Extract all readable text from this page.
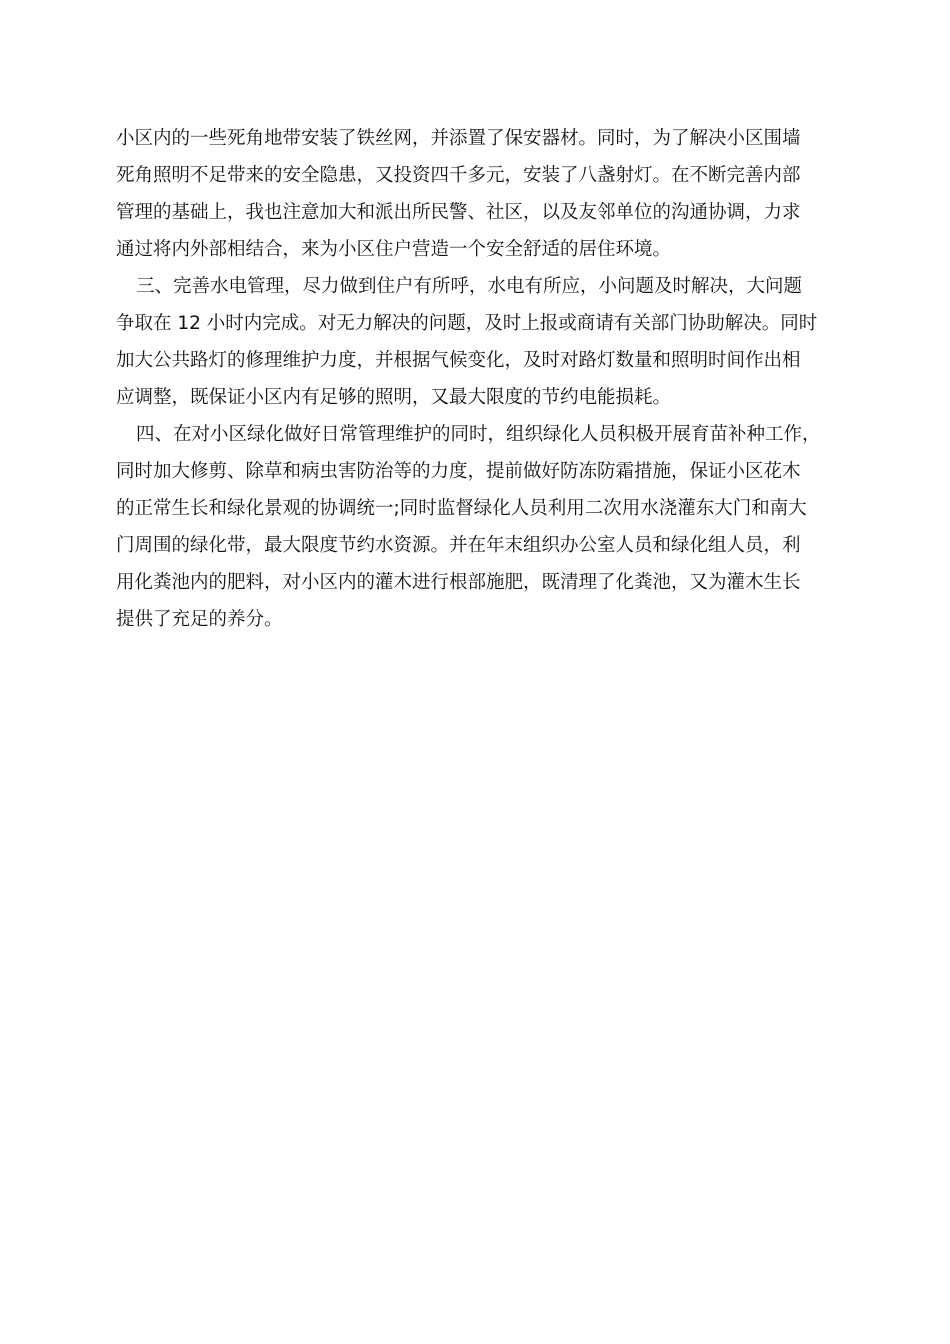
小区内的一些死角地带安装了铁丝网，并添置了保安器材。同时，为了解决小区围墙
死角照明不足带来的安全隐患，又投资四千多元，安装了八盏射灯。在不断完善内部
管理的基础上，我也注意加大和派出所民警、社区，以及友邻单位的沟通协调，力求
通过将内外部相结合，来为小区住户营造一个安全舒适的居住环境。
三、完善水电管理，尽力做到住户有所呼，水电有所应，小问题及时解决，大问题
争取在 12 小时内完成。对无力解决的问题，及时上报或商请有关部门协助解决。同时
加大公共路灯的修理维护力度，并根据气候变化，及时对路灯数量和照明时间作出相
应调整，既保证小区内有足够的照明，又最大限度的节约电能损耗。
四、在对小区绿化做好日常管理维护的同时，组织绿化人员积极开展育苗补种工作，
同时加大修剪、除草和病虫害防治等的力度，提前做好防冻防霜措施，保证小区花木
的正常生长和绿化景观的协调统一;同时监督绿化人员利用二次用水浇灌东大门和南大
门周围的绿化带，最大限度节约水资源。并在年末组织办公室人员和绿化组人员，利
用化粪池内的肥料，对小区内的灌木进行根部施肥，既清理了化粪池，又为灌木生长
提供了充足的养分。
